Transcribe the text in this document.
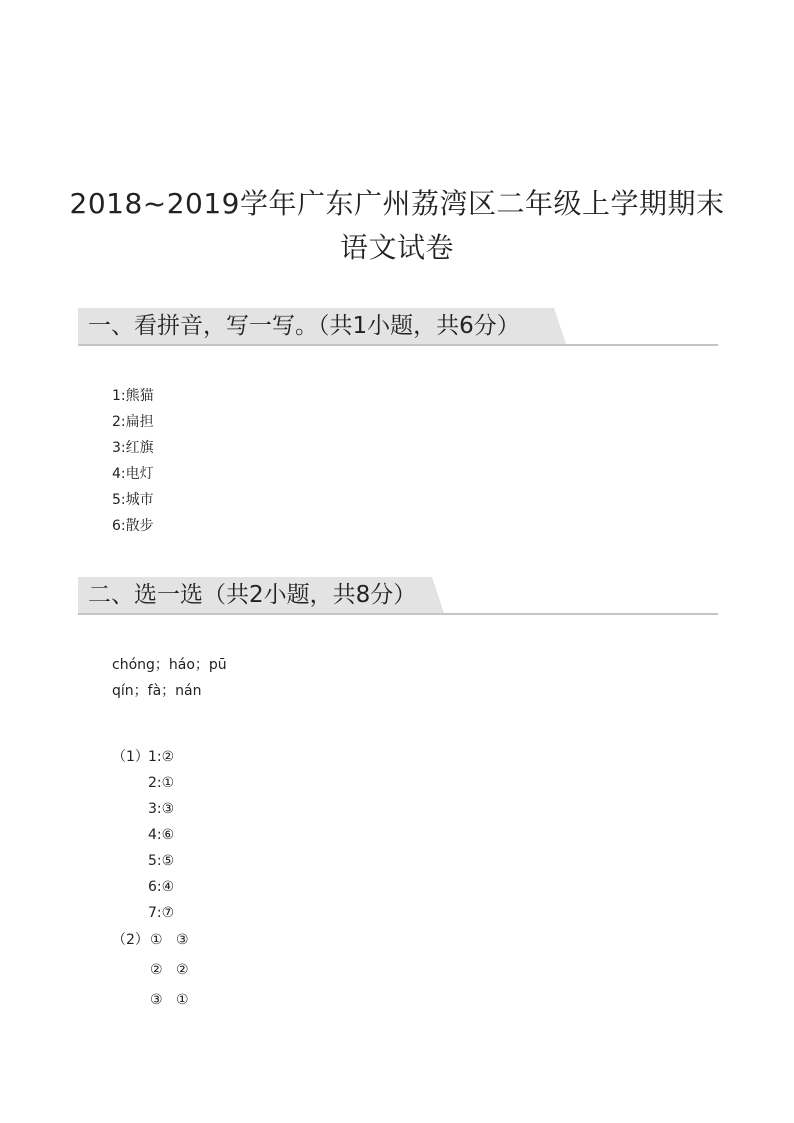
2018~2019学年广东广州荔湾区二年级上学期期末
语文试卷
一、看拼音，写一写。（共1小题，共6分）
1:熊猫
2:扁担
3:红旗
4:电灯
5:城市
6:散步
二、选一选（共2小题，共8分）
chóng；háo；pū
qín；fà；nán
（1） 1:②
2:①
3:③
4:⑥
5:⑤
6:④
7:⑦
（2） ① ③
② ②
③ ①
